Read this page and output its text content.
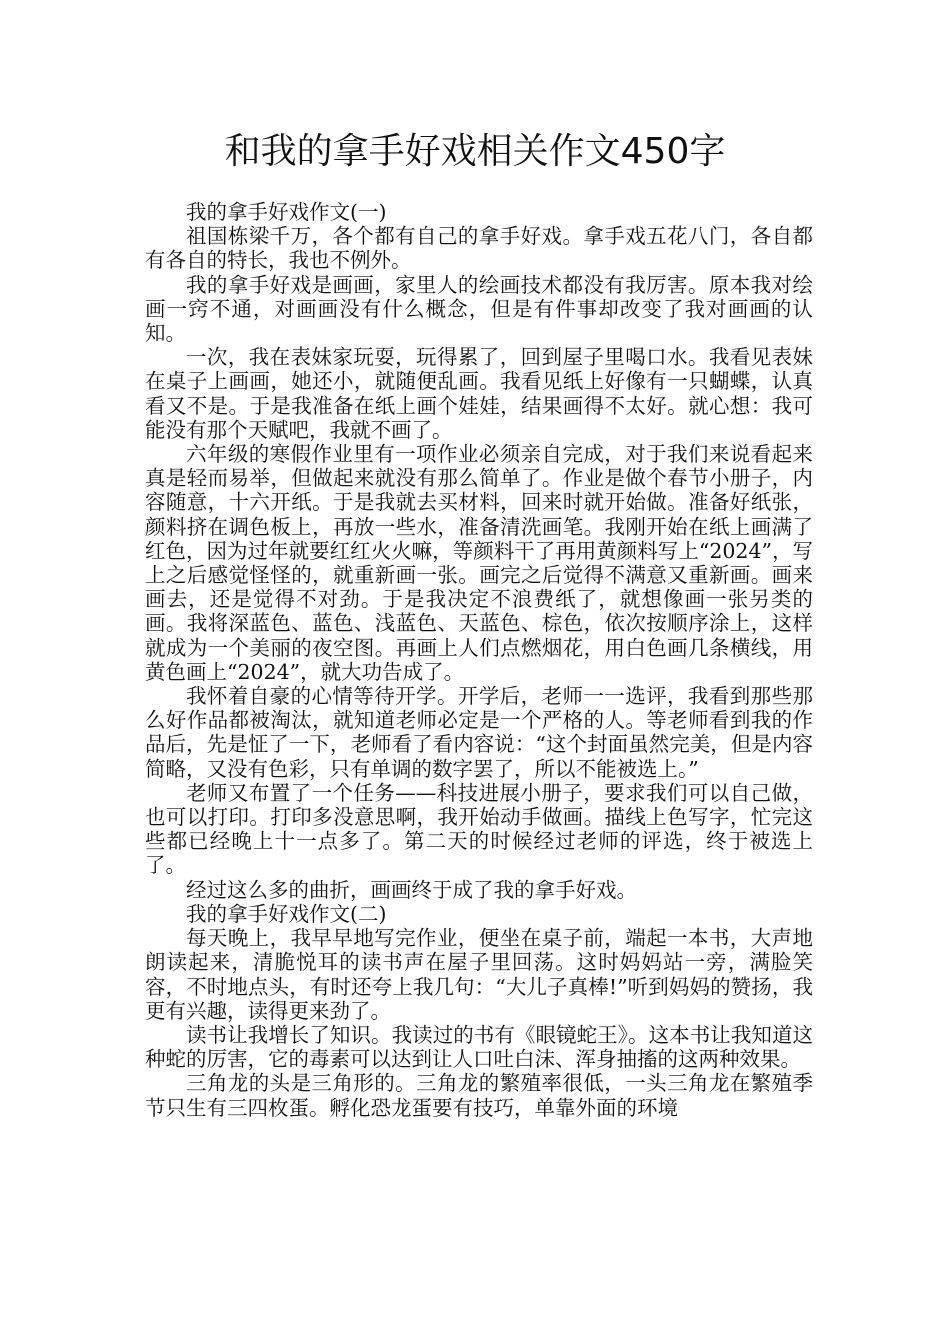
和我的拿手好戏相关作文450字

我的拿手好戏作文(一)

祖国栋梁千万，各个都有自己的拿手好戏。拿手戏五花八门，各自都有各自的特长，我也不例外。

我的拿手好戏是画画，家里人的绘画技术都没有我厉害。原本我对绘画一窍不通，对画画没有什么概念，但是有件事却改变了我对画画的认知。

一次，我在表妹家玩耍，玩得累了，回到屋子里喝口水。我看见表妹在桌子上画画，她还小，就随便乱画。我看见纸上好像有一只蝴蝶，认真看又不是。于是我准备在纸上画个娃娃，结果画得不太好。就心想：我可能没有那个天赋吧，我就不画了。

六年级的寒假作业里有一项作业必须亲自完成，对于我们来说看起来真是轻而易举，但做起来就没有那么简单了。作业是做个春节小册子，内容随意，十六开纸。于是我就去买材料，回来时就开始做。准备好纸张，颜料挤在调色板上，再放一些水，准备清洗画笔。我刚开始在纸上画满了红色，因为过年就要红红火火嘛，等颜料干了再用黄颜料写上“2024”，写上之后感觉怪怪的，就重新画一张。画完之后觉得不满意又重新画。画来画去，还是觉得不对劲。于是我决定不浪费纸了，就想像画一张另类的画。我将深蓝色、蓝色、浅蓝色、天蓝色、棕色，依次按顺序涂上，这样就成为一个美丽的夜空图。再画上人们点燃烟花，用白色画几条横线，用黄色画上“2024”，就大功告成了。

我怀着自豪的心情等待开学。开学后，老师一一选评，我看到那些那么好作品都被淘汰，就知道老师必定是一个严格的人。等老师看到我的作品后，先是怔了一下，老师看了看内容说：“这个封面虽然完美，但是内容简略，又没有色彩，只有单调的数字罢了，所以不能被选上。”

老师又布置了一个任务——科技进展小册子，要求我们可以自己做，也可以打印。打印多没意思啊，我开始动手做画。描线上色写字，忙完这些都已经晚上十一点多了。第二天的时候经过老师的评选，终于被选上了。

经过这么多的曲折，画画终于成了我的拿手好戏。

我的拿手好戏作文(二)

每天晚上，我早早地写完作业，便坐在桌子前，端起一本书，大声地朗读起来，清脆悦耳的读书声在屋子里回荡。这时妈妈站一旁，满脸笑容，不时地点头，有时还夸上我几句：“大儿子真棒!”听到妈妈的赞扬，我更有兴趣，读得更来劲了。

读书让我增长了知识。我读过的书有《眼镜蛇王》。这本书让我知道这种蛇的厉害，它的毒素可以达到让人口吐白沫、浑身抽搐的这两种效果。

三角龙的头是三角形的。三角龙的繁殖率很低，一头三角龙在繁殖季节只生有三四枚蛋。孵化恐龙蛋要有技巧，单靠外面的环境
